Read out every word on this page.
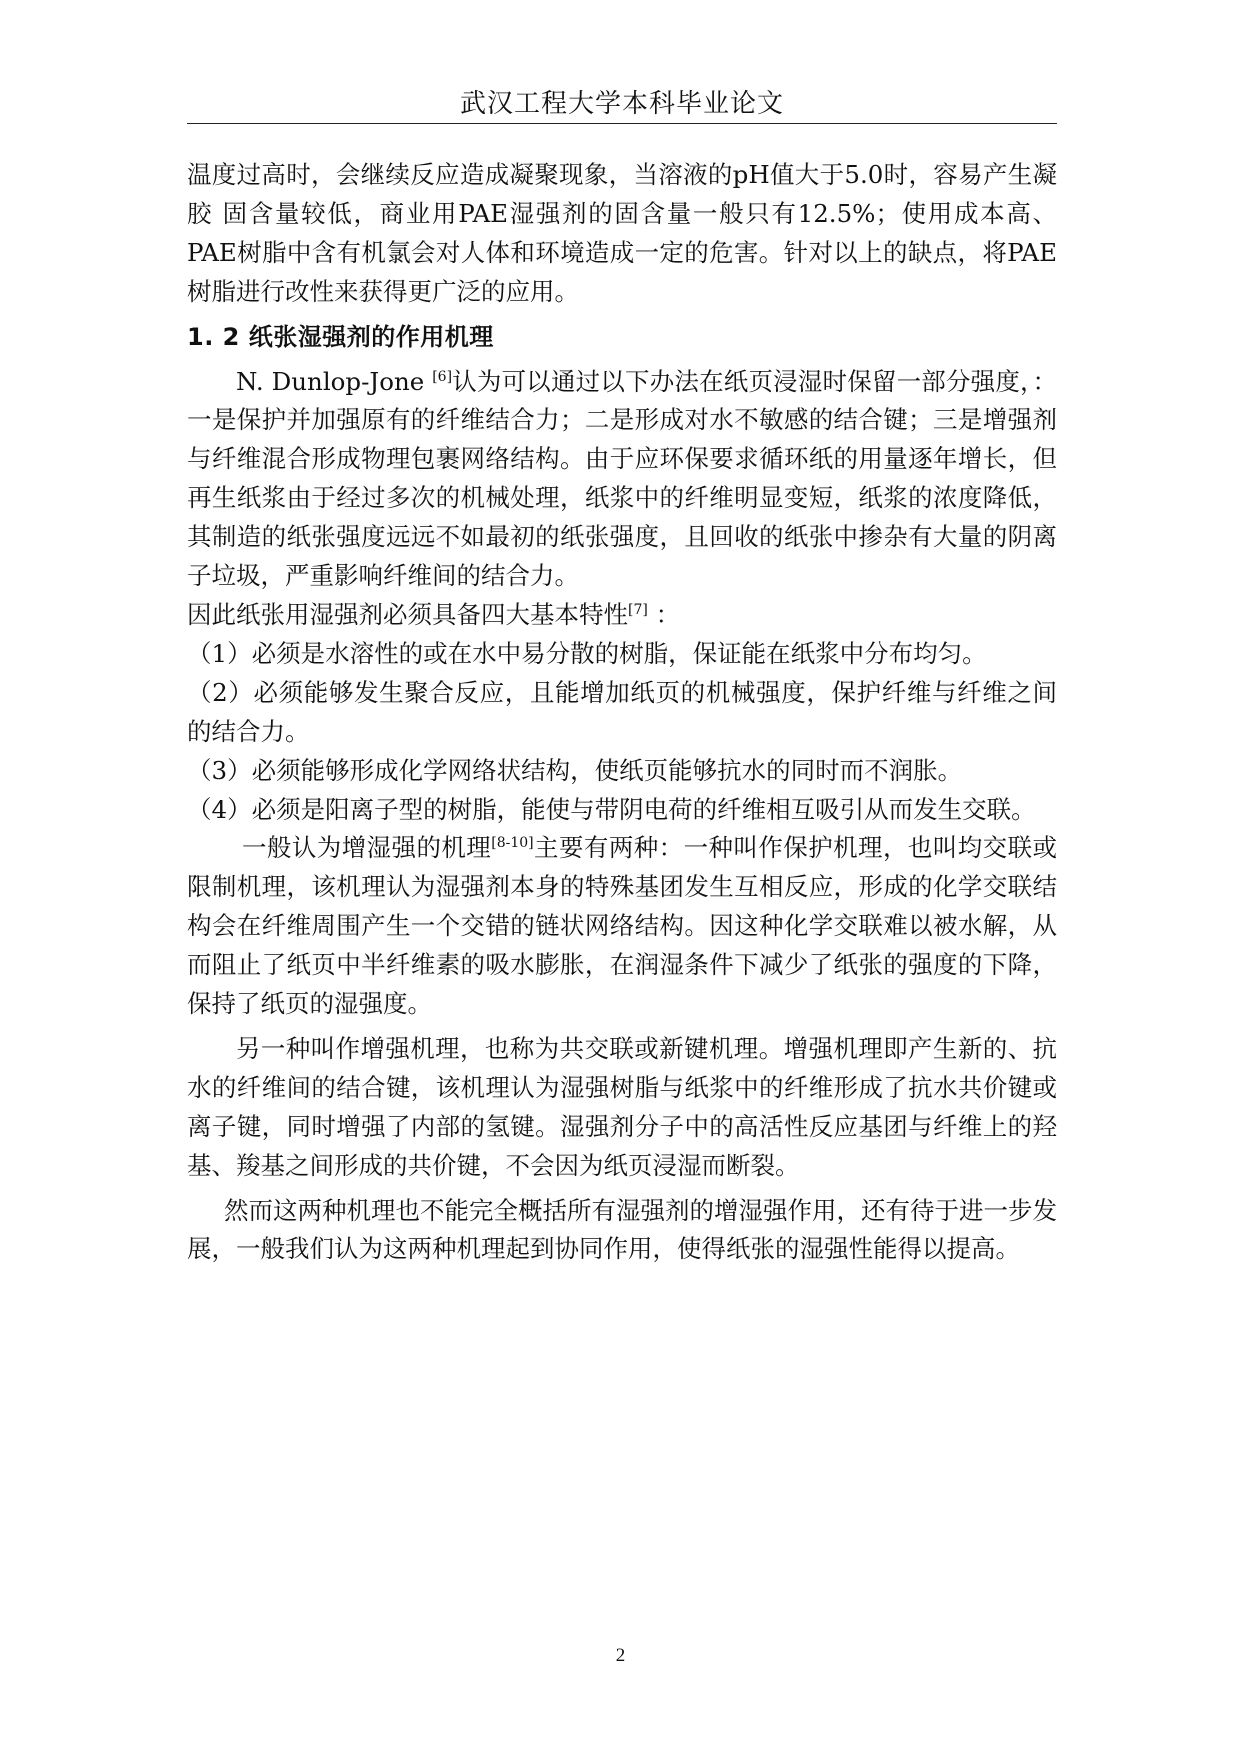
武汉工程大学本科毕业论文

温度过高时，会继续反应造成凝聚现象，当溶液的pH值大于5.0时，容易产生凝胶 固含量较低，商业用PAE湿强剂的固含量一般只有12.5%；使用成本高、PAE树脂中含有机氯会对人体和环境造成一定的危害。针对以上的缺点，将PAE 树脂进行改性来获得更广泛的应用。

1. 2 纸张湿强剂的作用机理

N. Dunlop-Jone [6]认为可以通过以下办法在纸页浸湿时保留一部分强度，：一是保护并加强原有的纤维结合力；二是形成对水不敏感的结合键；三是增强剂与纤维混合形成物理包裹网络结构。由于应环保要求循环纸的用量逐年增长，但再生纸浆由于经过多次的机械处理，纸浆中的纤维明显变短，纸浆的浓度降低，其制造的纸张强度远远不如最初的纸张强度，且回收的纸张中掺杂有大量的阴离子垃圾，严重影响纤维间的结合力。

因此纸张用湿强剂必须具备四大基本特性[7] ：

（1）必须是水溶性的或在水中易分散的树脂，保证能在纸浆中分布均匀。

（2）必须能够发生聚合反应，且能增加纸页的机械强度，保护纤维与纤维之间的结合力。

（3）必须能够形成化学网络状结构，使纸页能够抗水的同时而不润胀。

（4）必须是阳离子型的树脂，能使与带阴电荷的纤维相互吸引从而发生交联。

一般认为增湿强的机理[8-10]主要有两种：一种叫作保护机理，也叫均交联或限制机理，该机理认为湿强剂本身的特殊基团发生互相反应，形成的化学交联结构会在纤维周围产生一个交错的链状网络结构。因这种化学交联难以被水解，从而阻止了纸页中半纤维素的吸水膨胀，在润湿条件下减少了纸张的强度的下降，保持了纸页的湿强度。

另一种叫作增强机理，也称为共交联或新键机理。增强机理即产生新的、抗水的纤维间的结合键，该机理认为湿强树脂与纸浆中的纤维形成了抗水共价键或离子键，同时增强了内部的氢键。湿强剂分子中的高活性反应基团与纤维上的羟基、羧基之间形成的共价键，不会因为纸页浸湿而断裂。

然而这两种机理也不能完全概括所有湿强剂的增湿强作用，还有待于进一步发展，一般我们认为这两种机理起到协同作用，使得纸张的湿强性能得以提高。

2
